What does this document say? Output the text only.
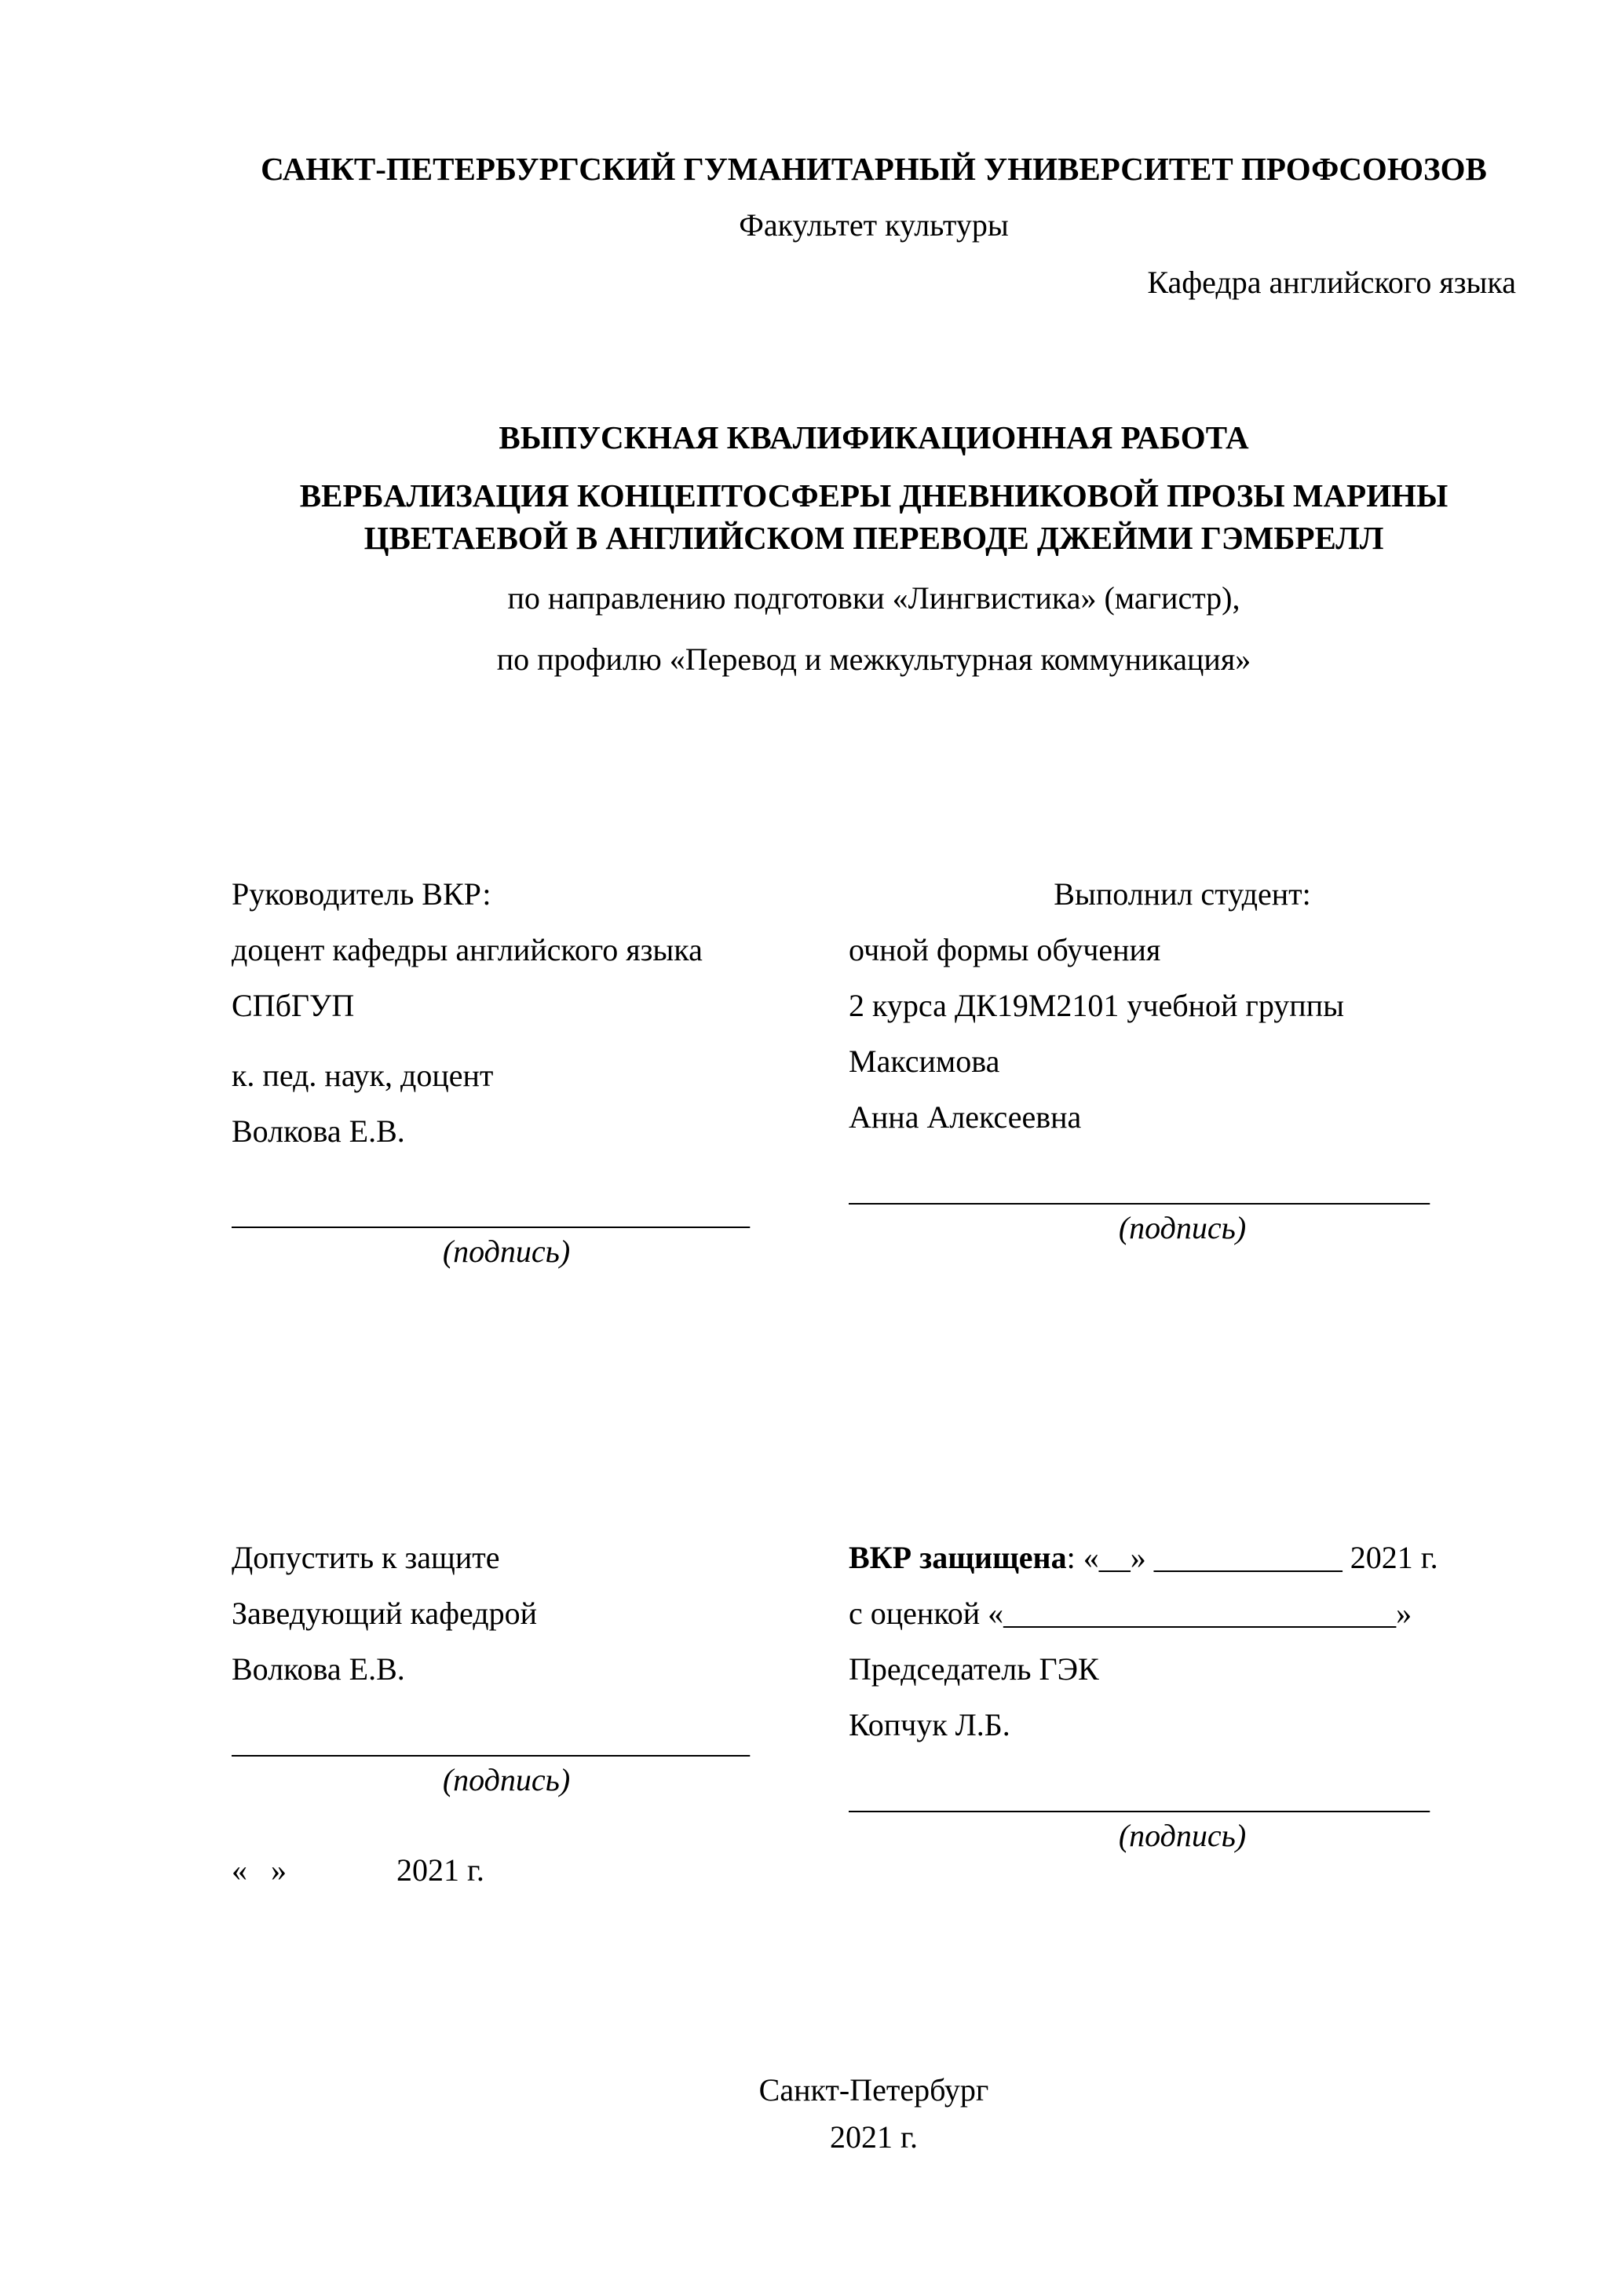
САНКТ-ПЕТЕРБУРГСКИЙ ГУМАНИТАРНЫЙ УНИВЕРСИТЕТ ПРОФСОЮЗОВ
Факультет культуры
Кафедра английского языка
ВЫПУСКНАЯ КВАЛИФИКАЦИОННАЯ РАБОТА
ВЕРБАЛИЗАЦИЯ КОНЦЕПТОСФЕРЫ ДНЕВНИКОВОЙ ПРОЗЫ МАРИНЫ ЦВЕТАЕВОЙ В АНГЛИЙСКОМ ПЕРЕВОДЕ ДЖЕЙМИ ГЭМБРЕЛЛ
по направлению подготовки «Лингвистика» (магистр),
по профилю «Перевод и межкультурная коммуникация»
Руководитель ВКР:
доцент кафедры английского языка
СПбГУП
к. пед. наук, доцент
Волкова Е.В.
_________________________________
(подпись)
Выполнил студент:
очной формы обучения
2 курса ДК19М2101 учебной группы
Максимова
Анна Алексеевна
_____________________________________
(подпись)
Допустить к защите
Заведующий кафедрой
Волкова Е.В.
_________________________________
(подпись)
«   »              2021 г.
ВКР защищена: «__» ____________ 2021 г.
с оценкой «_________________________»
Председатель ГЭК
Копчук Л.Б.
_____________________________________
(подпись)
Санкт-Петербург
2021 г.
